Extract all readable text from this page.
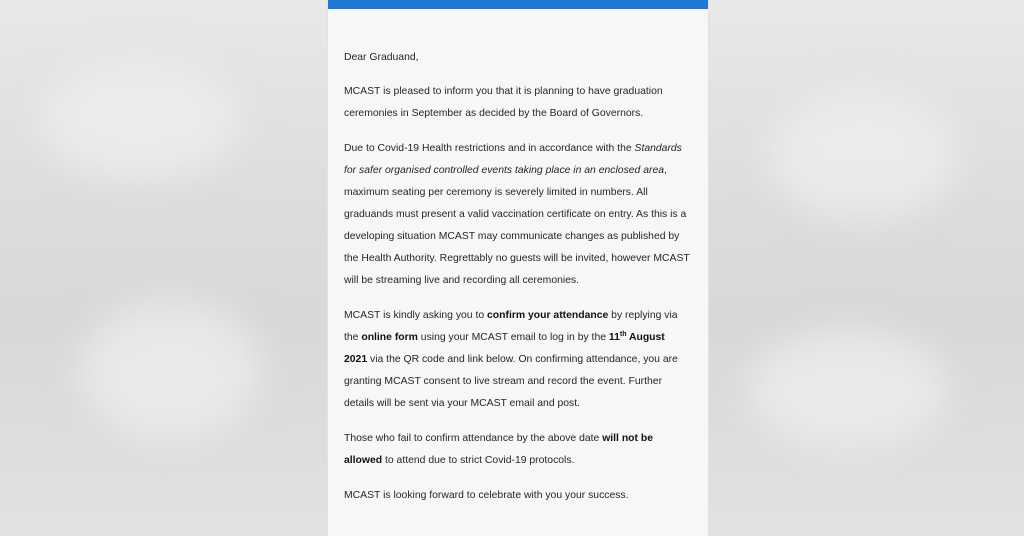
Dear Graduand,

MCAST is pleased to inform you that it is planning to have graduation ceremonies in September as decided by the Board of Governors.

Due to Covid-19 Health restrictions and in accordance with the Standards for safer organised controlled events taking place in an enclosed area, maximum seating per ceremony is severely limited in numbers. All graduands must present a valid vaccination certificate on entry. As this is a developing situation MCAST may communicate changes as published by the Health Authority. Regrettably no guests will be invited, however MCAST will be streaming live and recording all ceremonies.

MCAST is kindly asking you to confirm your attendance by replying via the online form using your MCAST email to log in by the 11th August 2021 via the QR code and link below. On confirming attendance, you are granting MCAST consent to live stream and record the event. Further details will be sent via your MCAST email and post.

Those who fail to confirm attendance by the above date will not be allowed to attend due to strict Covid-19 protocols.

MCAST is looking forward to celebrate with you your success.
